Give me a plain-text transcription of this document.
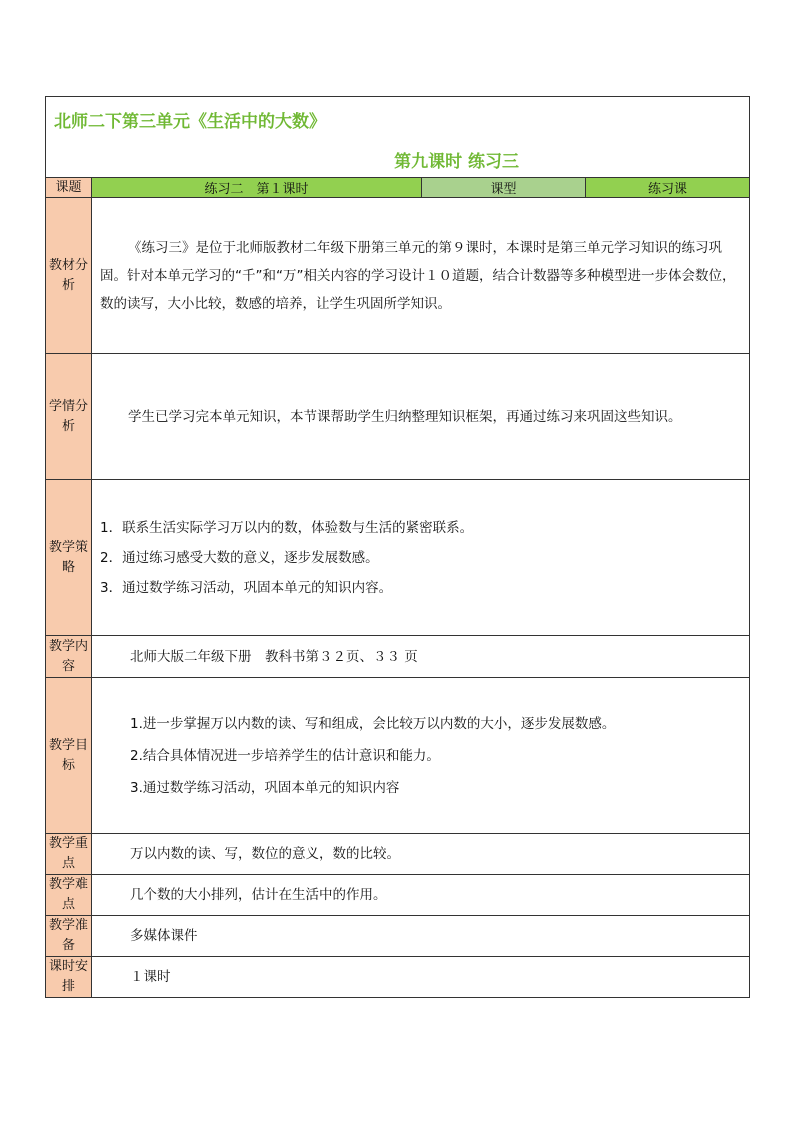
北师二下第三单元《生活中的大数》
第九课时 练习三			

课题	练习二　第１课时	课型	练习课
教材分析	《练习三》是位于北师版教材二年级下册第三单元的第９课时，本课时是第三单元学习知识的练习巩固。针对本单元学习的“千”和“万”相关内容的学习设计１０道题，结合计数器等多种模型进一步体会数位，数的读写，大小比较，数感的培养，让学生巩固所学知识。		

学情分析	学生已学习完本单元知识，本节课帮助学生归纳整理知识框架，再通过练习来巩固这些知识。		

教学策略	1．联系生活实际学习万以内的数，体验数与生活的紧密联系。

2．通过练习感受大数的意义，逐步发展数感。

3．通过数学练习活动，巩固本单元的知识内容。		

教学内容	北师大版二年级下册　教科书第３２页、３３ 页		
教学目标	1.进一步掌握万以内数的读、写和组成，会比较万以内数的大小，逐步发展数感。

2.结合具体情况进一步培养学生的估计意识和能力。

3.通过数学练习活动，巩固本单元的知识内容		

教学重点	万以内数的读、写，数位的意义，数的比较。		
教学难点	几个数的大小排列，估计在生活中的作用。		
教学准备	多媒体课件		
课时安排	１课时		
